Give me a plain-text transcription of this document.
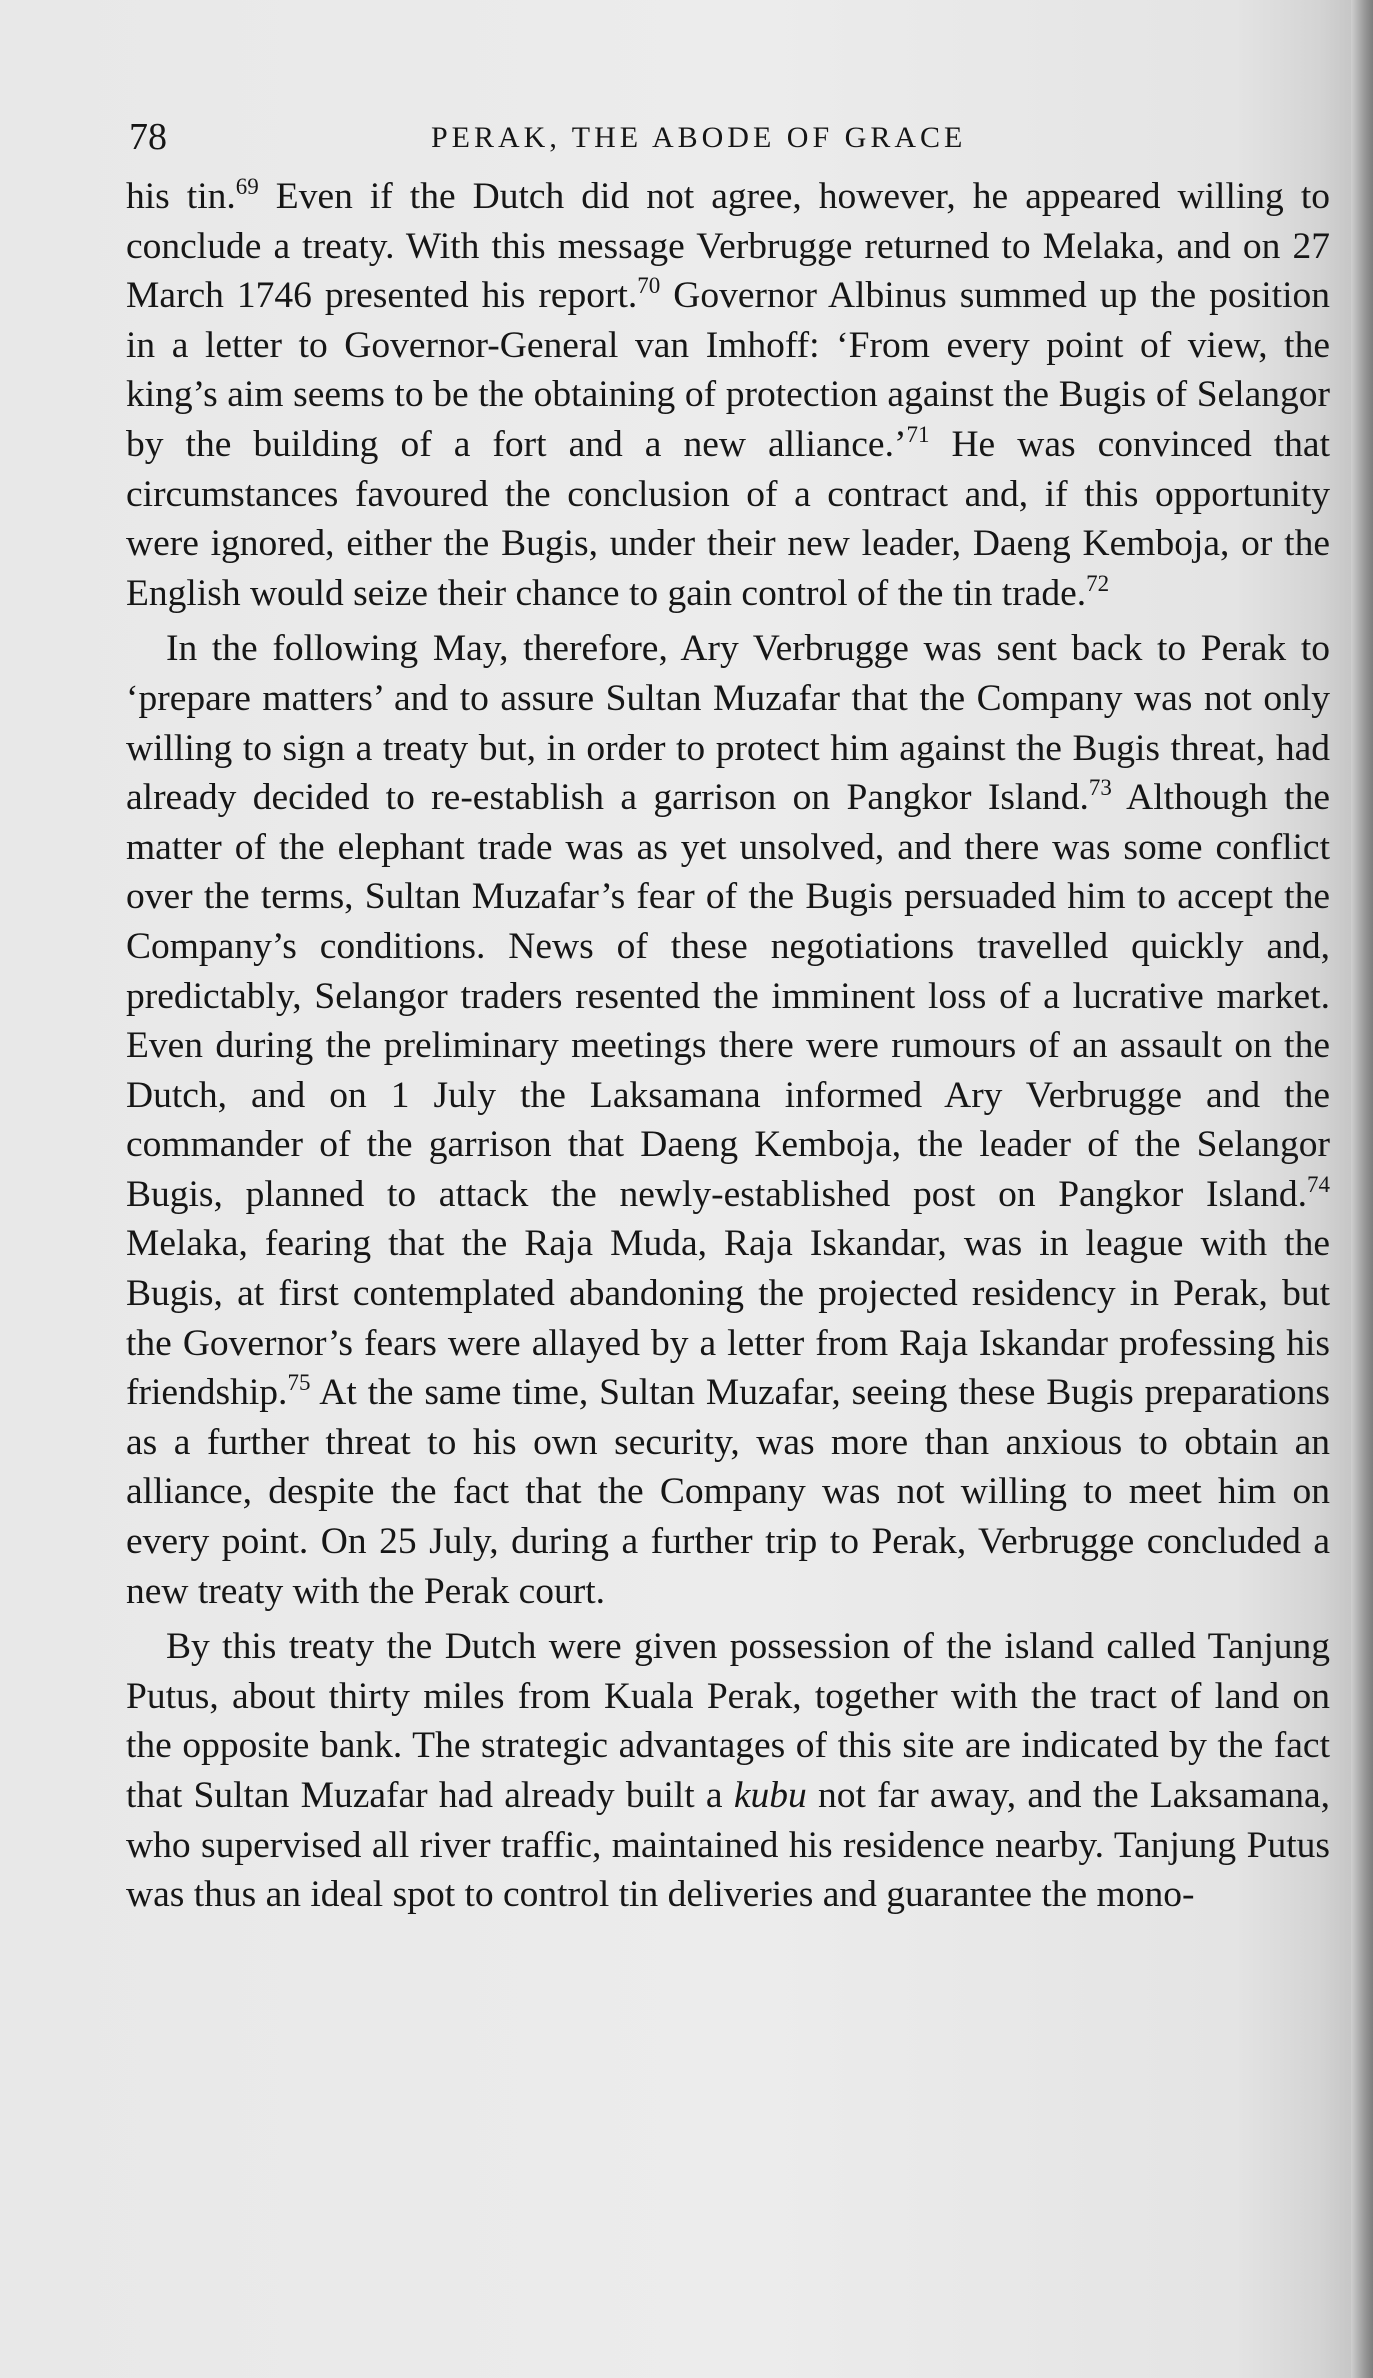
78	PERAK, THE ABODE OF GRACE

his tin.$^{69}$ Even if the Dutch did not agree, however, he appeared willing to conclude a treaty. With this message Verbrugge returned to Melaka, and on 27 March 1746 presented his report.$^{70}$ Governor Albinus summed up the position in a letter to Governor-General van Imhoff: ‘From every point of view, the king’s aim seems to be the obtaining of protection against the Bugis of Selangor by the building of a fort and a new alliance.’$^{71}$ He was convinced that circumstances favoured the conclusion of a contract and, if this opportunity were ignored, either the Bugis, under their new leader, Daeng Kemboja, or the English would seize their chance to gain control of the tin trade.$^{72}$

In the following May, therefore, Ary Verbrugge was sent back to Perak to ‘prepare matters’ and to assure Sultan Muzafar that the Company was not only willing to sign a treaty but, in order to protect him against the Bugis threat, had already decided to re-establish a garrison on Pangkor Island.$^{73}$ Although the matter of the elephant trade was as yet unsolved, and there was some conflict over the terms, Sultan Muzafar’s fear of the Bugis persuaded him to accept the Company’s conditions. News of these negotiations travelled quickly and, predictably, Selangor traders resented the imminent loss of a lucrative market. Even during the preliminary meetings there were rumours of an assault on the Dutch, and on 1 July the Laksamana informed Ary Verbrugge and the commander of the garrison that Daeng Kemboja, the leader of the Selangor Bugis, planned to attack the newly-established post on Pangkor Island.$^{74}$ Melaka, fearing that the Raja Muda, Raja Iskandar, was in league with the Bugis, at first contemplated abandoning the projected residency in Perak, but the Governor’s fears were allayed by a letter from Raja Iskandar professing his friendship.$^{75}$ At the same time, Sultan Muzafar, seeing these Bugis preparations as a further threat to his own security, was more than anxious to obtain an alliance, despite the fact that the Company was not willing to meet him on every point. On 25 July, during a further trip to Perak, Verbrugge concluded a new treaty with the Perak court.

By this treaty the Dutch were given possession of the island called Tanjung Putus, about thirty miles from Kuala Perak, together with the tract of land on the opposite bank. The strategic advantages of this site are indicated by the fact that Sultan Muzafar had already built a kubu not far away, and the Laksamana, who supervised all river traffic, maintained his residence nearby. Tanjung Putus was thus an ideal spot to control tin deliveries and guarantee the mono-
